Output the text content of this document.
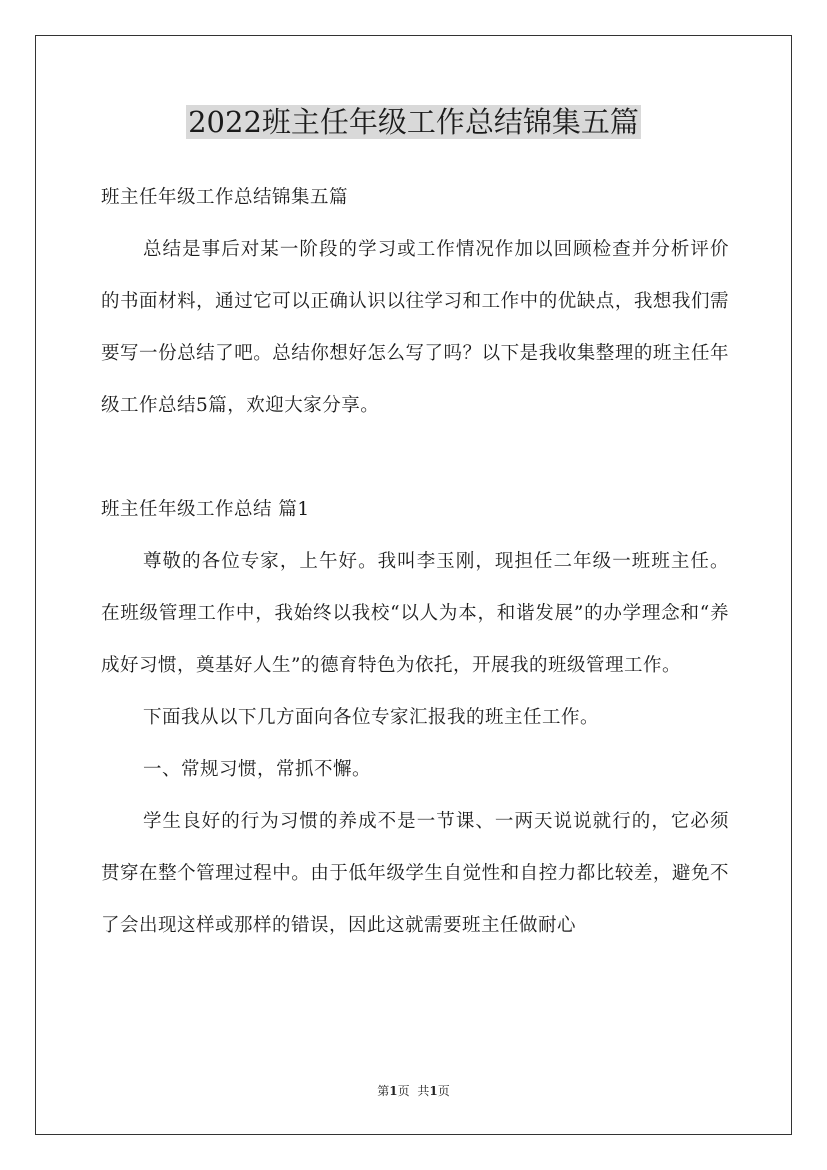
2022班主任年级工作总结锦集五篇

班主任年级工作总结锦集五篇

总结是事后对某一阶段的学习或工作情况作加以回顾检查并分析评价的书面材料，通过它可以正确认识以往学习和工作中的优缺点，我想我们需要写一份总结了吧。总结你想好怎么写了吗？以下是我收集整理的班主任年级工作总结5篇，欢迎大家分享。

班主任年级工作总结 篇1

尊敬的各位专家，上午好。我叫李玉刚，现担任二年级一班班主任。在班级管理工作中，我始终以我校“以人为本，和谐发展”的办学理念和“养成好习惯，奠基好人生”的德育特色为依托，开展我的班级管理工作。

下面我从以下几方面向各位专家汇报我的班主任工作。

一、常规习惯，常抓不懈。

学生良好的行为习惯的养成不是一节课、一两天说说就行的，它必须贯穿在整个管理过程中。由于低年级学生自觉性和自控力都比较差，避免不了会出现这样或那样的错误，因此这就需要班主任做耐心

第1页 共1页
